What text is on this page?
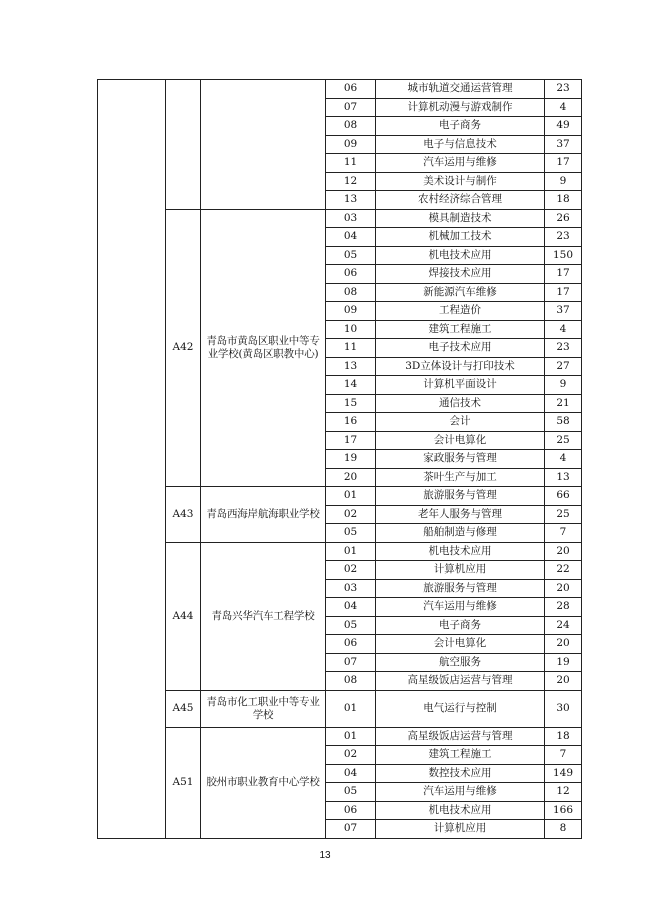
			06	城市轨道交通运营管理	23
			07	计算机动漫与游戏制作	4
			08	电子商务	49
			09	电子与信息技术	37
			11	汽车运用与维修	17
			12	美术设计与制作	9
			13	农村经济综合管理	18
	A42	青岛市黄岛区职业中等专业学校(黄岛区职教中心)	03	模具制造技术	26
			04	机械加工技术	23
			05	机电技术应用	150
			06	焊接技术应用	17
			08	新能源汽车维修	17
			09	工程造价	37
			10	建筑工程施工	4
			11	电子技术应用	23
			13	3D立体设计与打印技术	27
			14	计算机平面设计	9
			15	通信技术	21
			16	会计	58
			17	会计电算化	25
			19	家政服务与管理	4
			20	茶叶生产与加工	13
	A43	青岛西海岸航海职业学校	01	旅游服务与管理	66
			02	老年人服务与管理	25
			05	船舶制造与修理	7
	A44	青岛兴华汽车工程学校	01	机电技术应用	20
			02	计算机应用	22
			03	旅游服务与管理	20
			04	汽车运用与维修	28
			05	电子商务	24
			06	会计电算化	20
			07	航空服务	19
			08	高星级饭店运营与管理	20
	A45	青岛市化工职业中等专业学校	01	电气运行与控制	30
	A51	胶州市职业教育中心学校	01	高星级饭店运营与管理	18
			02	建筑工程施工	7
			04	数控技术应用	149
			05	汽车运用与维修	12
			06	机电技术应用	166
			07	计算机应用	8
13
